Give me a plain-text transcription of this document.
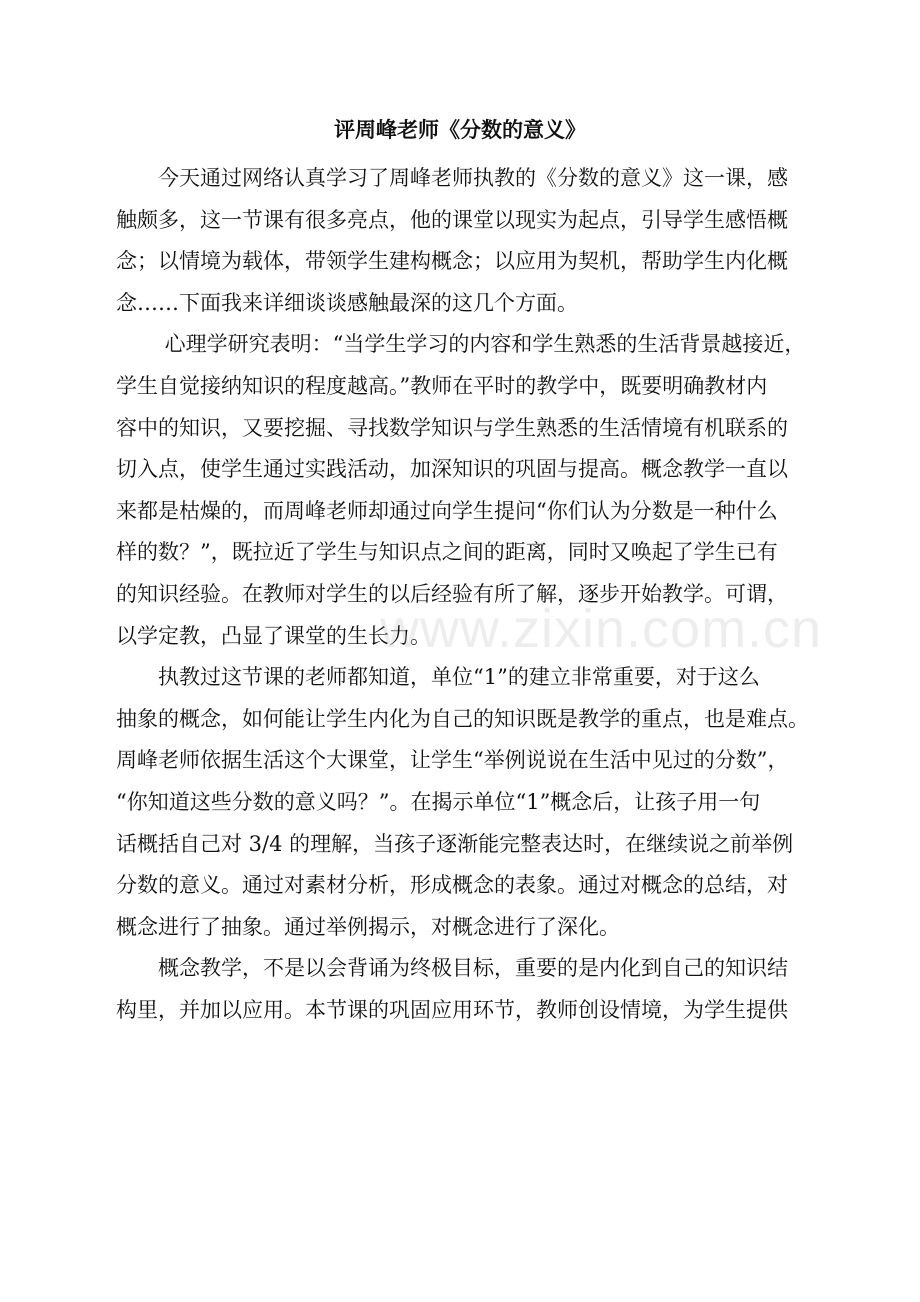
评周峰老师《分数的意义》
　　今天通过网络认真学习了周峰老师执教的《分数的意义》这一课，感
触颇多，这一节课有很多亮点，他的课堂以现实为起点，引导学生感悟概
念；以情境为载体，带领学生建构概念；以应用为契机，帮助学生内化概
念……下面我来详细谈谈感触最深的这几个方面。
　　 心理学研究表明：“当学生学习的内容和学生熟悉的生活背景越接近，
学生自觉接纳知识的程度越高。”教师在平时的教学中，既要明确教材内
容中的知识，又要挖掘、寻找数学知识与学生熟悉的生活情境有机联系的
切入点，使学生通过实践活动，加深知识的巩固与提高。概念教学一直以
来都是枯燥的，而周峰老师却通过向学生提问“你们认为分数是一种什么
样的数？”，既拉近了学生与知识点之间的距离，同时又唤起了学生已有
的知识经验。在教师对学生的以后经验有所了解，逐步开始教学。可谓，
以学定教，凸显了课堂的生长力。
　　执教过这节课的老师都知道，单位“1”的建立非常重要，对于这么
抽象的概念，如何能让学生内化为自己的知识既是教学的重点，也是难点。
周峰老师依据生活这个大课堂，让学生“举例说说在生活中见过的分数”，
“你知道这些分数的意义吗？”。在揭示单位“1”概念后，让孩子用一句
话概括自己对 3/4 的理解，当孩子逐渐能完整表达时，在继续说之前举例
分数的意义。通过对素材分析，形成概念的表象。通过对概念的总结，对
概念进行了抽象。通过举例揭示，对概念进行了深化。
　　概念教学，不是以会背诵为终极目标，重要的是内化到自己的知识结
构里，并加以应用。本节课的巩固应用环节，教师创设情境，为学生提供
www.zixin.com.cn
